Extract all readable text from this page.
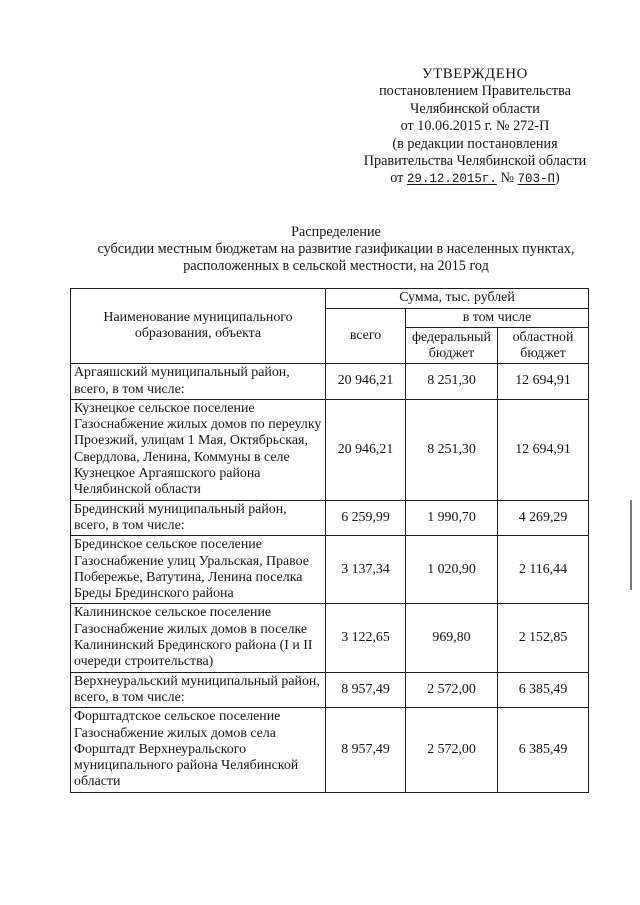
УТВЕРЖДЕНО
постановлением Правительства
Челябинской области
от 10.06.2015 г. № 272-П
(в редакции постановления
Правительства Челябинской области
от 29.12.2015г. № 703-П)
Распределение
субсидии местным бюджетам на развитие газификации в населенных пунктах,
расположенных в сельской местности, на 2015 год
Наименование муниципального образования, объекта	Сумма, тыс. рублей		
	всего	в том числе	
		федеральный бюджет	областной бюджет
Аргаяшский муниципальный район, всего, в том числе:	20 946,21	8 251,30	12 694,91
Кузнецкое сельское поселение Газоснабжение жилых домов по переулку Проезжий, улицам 1 Мая, Октябрьская, Свердлова, Ленина, Коммуны в селе Кузнецкое Аргаяшского района Челябинской области	20 946,21	8 251,30	12 694,91
Брединский муниципальный район, всего, в том числе:	6 259,99	1 990,70	4 269,29
Брединское сельское поселение Газоснабжение улиц Уральская, Правое Побережье, Ватутина, Ленина поселка Бреды Брединского района	3 137,34	1 020,90	2 116,44
Калининское сельское поселение Газоснабжение жилых домов в поселке Калининский Брединского района (I и II очереди строительства)	3 122,65	969,80	2 152,85
Верхнеуральский муниципальный район, всего, в том числе:	8 957,49	2 572,00	6 385,49
Форштадтское сельское поселение Газоснабжение жилых домов села Форштадт Верхнеуральского муниципального района Челябинской области	8 957,49	2 572,00	6 385,49
